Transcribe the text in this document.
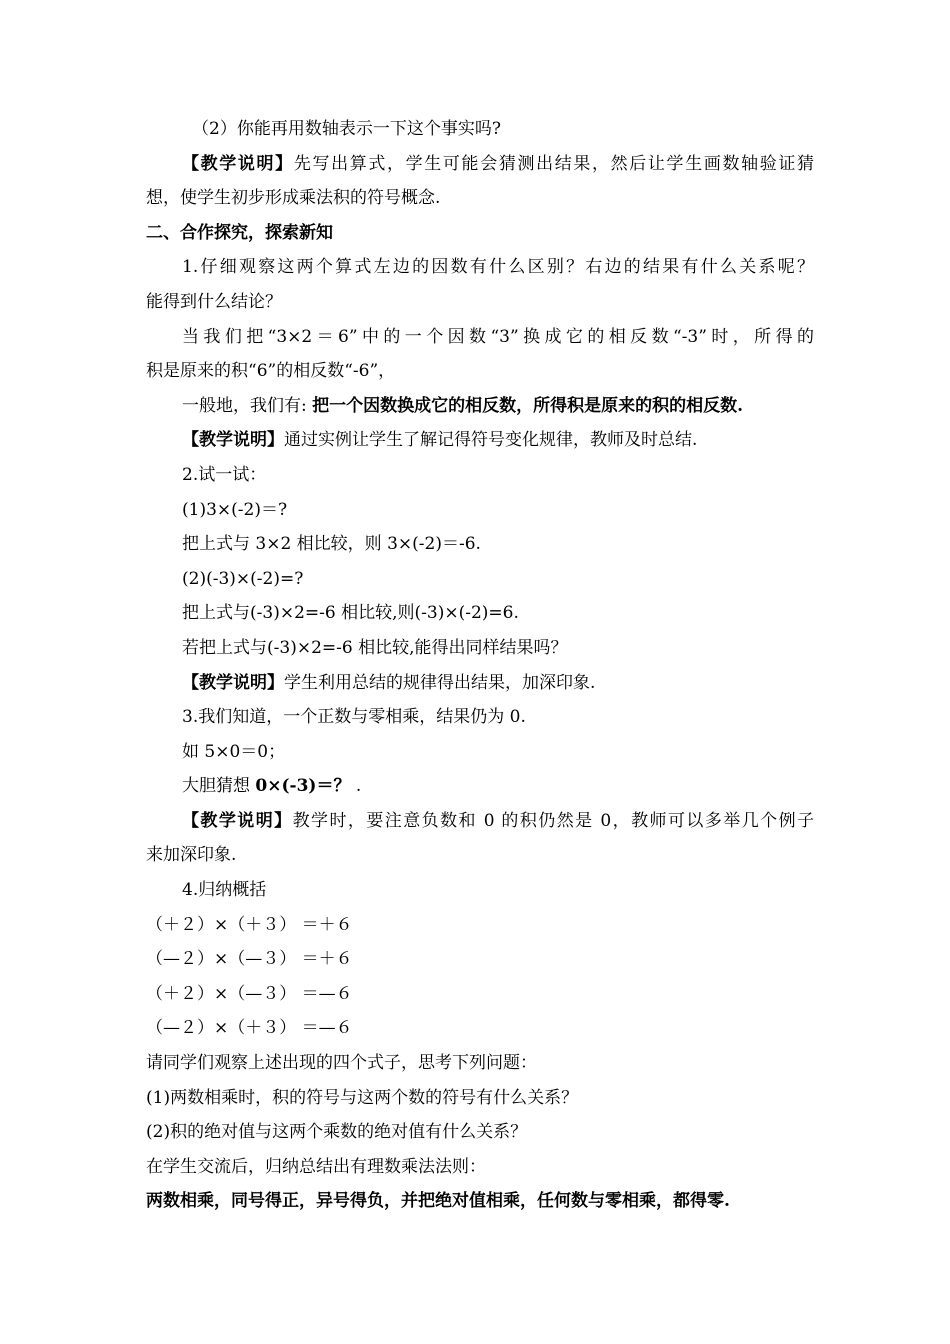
（2）你能再用数轴表示一下这个事实吗?
【教学说明】先写出算式，学生可能会猜测出结果，然后让学生画数轴验证猜
想，使学生初步形成乘法积的符号概念.
二、合作探究，探索新知
1.仔细观察这两个算式左边的因数有什么区别？右边的结果有什么关系呢？
能得到什么结论？
当我们把“3×2＝6”中的一个因数“3”换成它的相反数“-3”时，所得的
积是原来的积“6”的相反数“-6”，
一般地，我们有: 把一个因数换成它的相反数，所得积是原来的积的相反数.
【教学说明】通过实例让学生了解记得符号变化规律，教师及时总结.
2.试一试：
(1)3×(-2)＝?
把上式与 3×2 相比较，则 3×(-2)＝-6.
(2)(-3)×(-2)=?
把上式与(-3)×2=-6 相比较,则(-3)×(-2)=6.
若把上式与(-3)×2=-6 相比较,能得出同样结果吗？
【教学说明】学生利用总结的规律得出结果，加深印象.
3.我们知道，一个正数与零相乘，结果仍为 0.
如 5×0＝0；
大胆猜想 0×(-3)＝？ .
【教学说明】教学时，要注意负数和 0 的积仍然是 0，教师可以多举几个例子
来加深印象.
4.归纳概括
（＋２）×（＋３） ＝＋６
（—２）×（—３） ＝＋６
（＋２）×（—３） ＝—６
（—２）×（＋３） ＝—６
请同学们观察上述出现的四个式子，思考下列问题：
(1)两数相乘时，积的符号与这两个数的符号有什么关系？
(2)积的绝对值与这两个乘数的绝对值有什么关系？
在学生交流后，归纳总结出有理数乘法法则：
两数相乘，同号得正，异号得负，并把绝对值相乘，任何数与零相乘，都得零.
